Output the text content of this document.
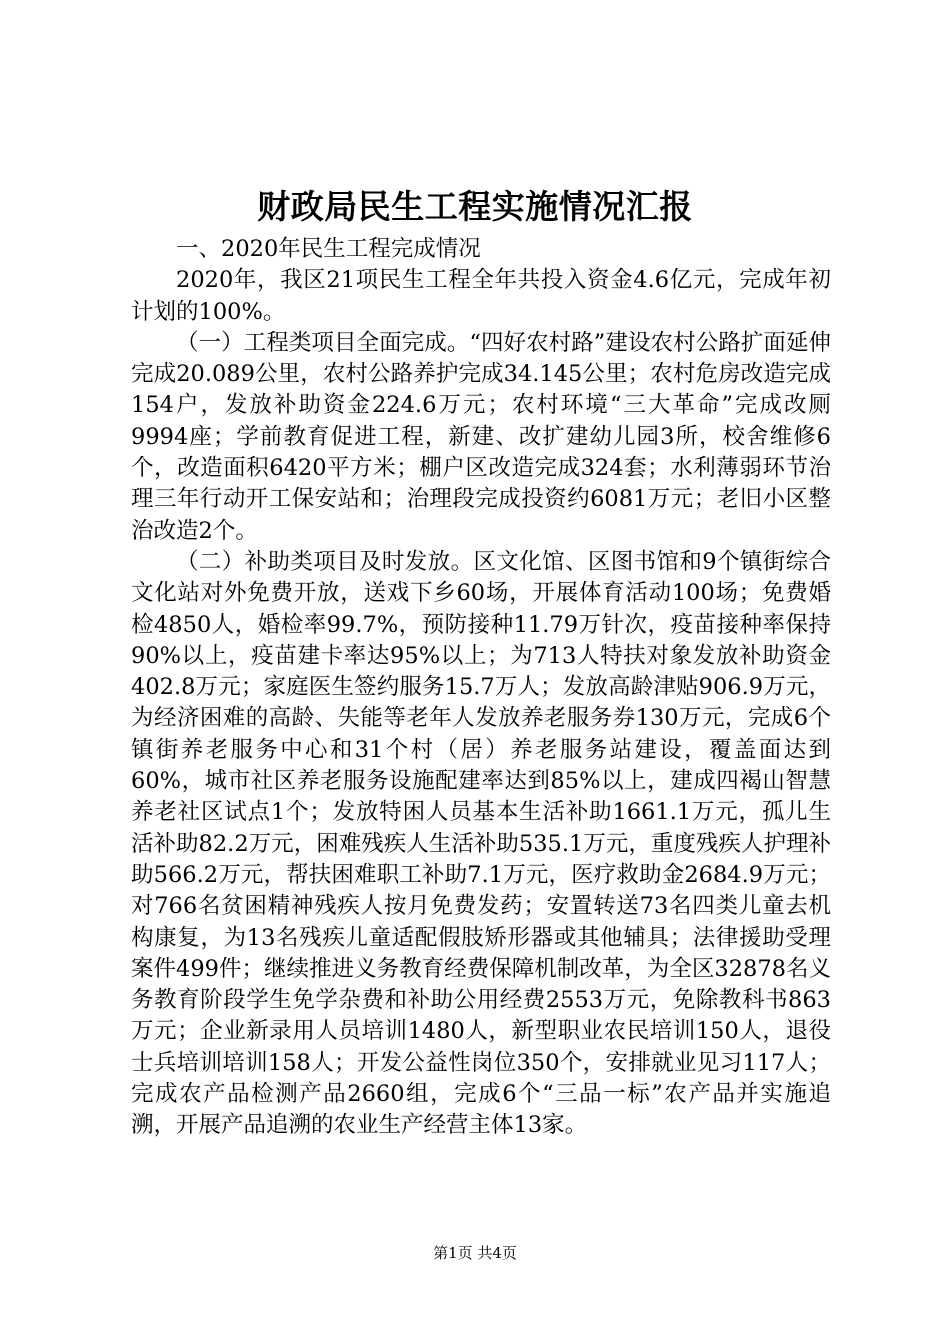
财政局民生工程实施情况汇报

一、2020年民生工程完成情况

2020年，我区21项民生工程全年共投入资金4.6亿元，完成年初计划的100%。

（一）工程类项目全面完成。“四好农村路”建设农村公路扩面延伸完成20.089公里，农村公路养护完成34.145公里；农村危房改造完成154户，发放补助资金224.6万元；农村环境“三大革命”完成改厕9994座；学前教育促进工程，新建、改扩建幼儿园3所，校舍维修6个，改造面积6420平方米；棚户区改造完成324套；水利薄弱环节治理三年行动开工保安站和；治理段完成投资约6081万元；老旧小区整治改造2个。

（二）补助类项目及时发放。区文化馆、区图书馆和9个镇街综合文化站对外免费开放，送戏下乡60场，开展体育活动100场；免费婚检4850人，婚检率99.7%，预防接种11.79万针次，疫苗接种率保持90%以上，疫苗建卡率达95%以上；为713人特扶对象发放补助资金402.8万元；家庭医生签约服务15.7万人；发放高龄津贴906.9万元，为经济困难的高龄、失能等老年人发放养老服务券130万元，完成6个镇街养老服务中心和31个村（居）养老服务站建设，覆盖面达到60%，城市社区养老服务设施配建率达到85%以上，建成四褐山智慧养老社区试点1个；发放特困人员基本生活补助1661.1万元，孤儿生活补助82.2万元，困难残疾人生活补助535.1万元，重度残疾人护理补助566.2万元，帮扶困难职工补助7.1万元，医疗救助金2684.9万元；对766名贫困精神残疾人按月免费发药；安置转送73名四类儿童去机构康复，为13名残疾儿童适配假肢矫形器或其他辅具；法律援助受理案件499件；继续推进义务教育经费保障机制改革，为全区32878名义务教育阶段学生免学杂费和补助公用经费2553万元，免除教科书863万元；企业新录用人员培训1480人，新型职业农民培训150人，退役士兵培训培训158人；开发公益性岗位350个，安排就业见习117人；完成农产品检测产品2660组，完成6个“三品一标”农产品并实施追溯，开展产品追溯的农业生产经营主体13家。

第1页 共4页
